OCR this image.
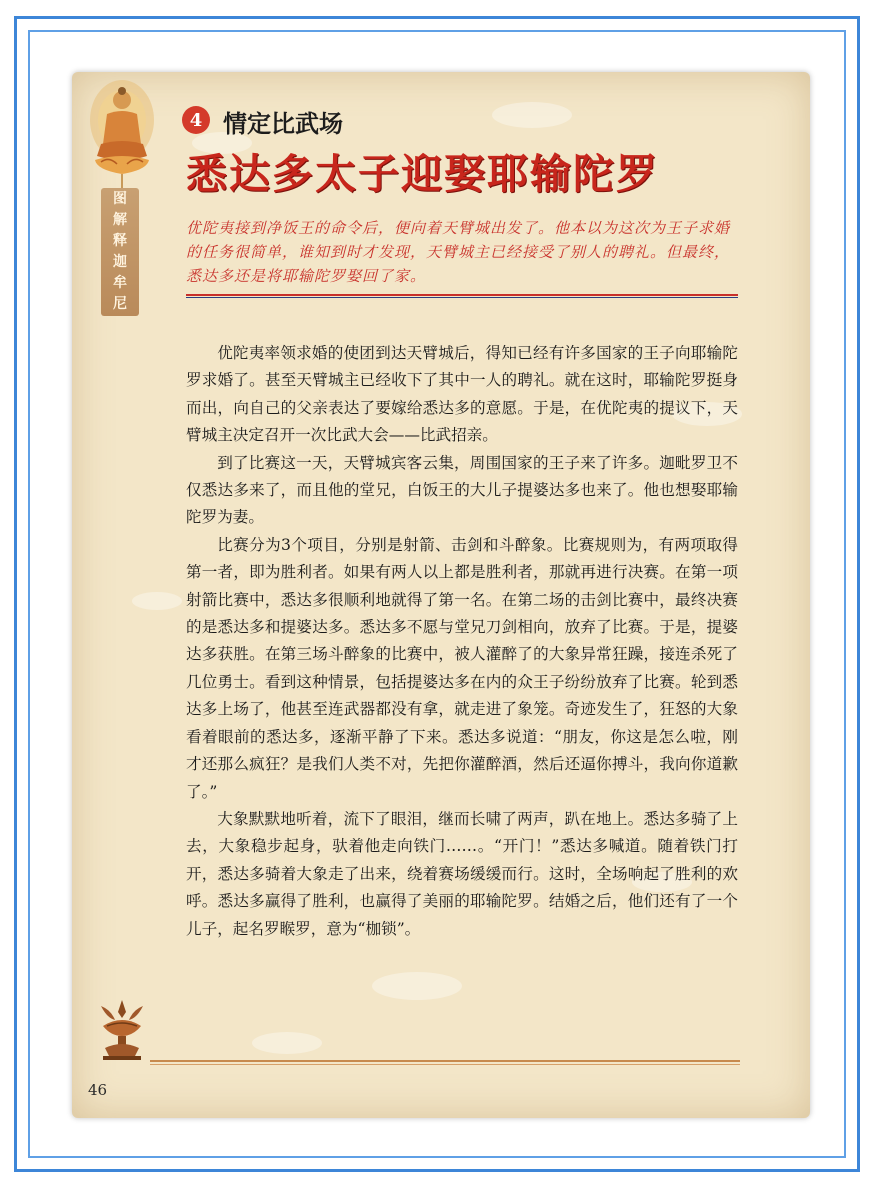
图
解
释
迦
牟
尼
4 情定比武场
悉达多太子迎娶耶输陀罗

优陀夷接到净饭王的命令后，便向着天臂城出发了。他本以为这次为王子求婚的任务很简单，谁知到时才发现，天臂城主已经接受了别人的聘礼。但最终，悉达多还是将耶输陀罗娶回了家。

优陀夷率领求婚的使团到达天臂城后，得知已经有许多国家的王子向耶输陀罗求婚了。甚至天臂城主已经收下了其中一人的聘礼。就在这时，耶输陀罗挺身而出，向自己的父亲表达了要嫁给悉达多的意愿。于是，在优陀夷的提议下，天臂城主决定召开一次比武大会——比武招亲。

到了比赛这一天，天臂城宾客云集，周围国家的王子来了许多。迦毗罗卫不仅悉达多来了，而且他的堂兄，白饭王的大儿子提婆达多也来了。他也想娶耶输陀罗为妻。

比赛分为3个项目，分别是射箭、击剑和斗醉象。比赛规则为，有两项取得第一者，即为胜利者。如果有两人以上都是胜利者，那就再进行决赛。在第一项射箭比赛中，悉达多很顺利地就得了第一名。在第二场的击剑比赛中，最终决赛的是悉达多和提婆达多。悉达多不愿与堂兄刀剑相向，放弃了比赛。于是，提婆达多获胜。在第三场斗醉象的比赛中，被人灌醉了的大象异常狂躁，接连杀死了几位勇士。看到这种情景，包括提婆达多在内的众王子纷纷放弃了比赛。轮到悉达多上场了，他甚至连武器都没有拿，就走进了象笼。奇迹发生了，狂怒的大象看着眼前的悉达多，逐渐平静了下来。悉达多说道：“朋友，你这是怎么啦，刚才还那么疯狂？是我们人类不对，先把你灌醉酒，然后还逼你搏斗，我向你道歉了。”

大象默默地听着，流下了眼泪，继而长啸了两声，趴在地上。悉达多骑了上去，大象稳步起身，驮着他走向铁门……。“开门！”悉达多喊道。随着铁门打开，悉达多骑着大象走了出来，绕着赛场缓缓而行。这时，全场响起了胜利的欢呼。悉达多赢得了胜利，也赢得了美丽的耶输陀罗。结婚之后，他们还有了一个儿子，起名罗睺罗，意为“枷锁”。

46
